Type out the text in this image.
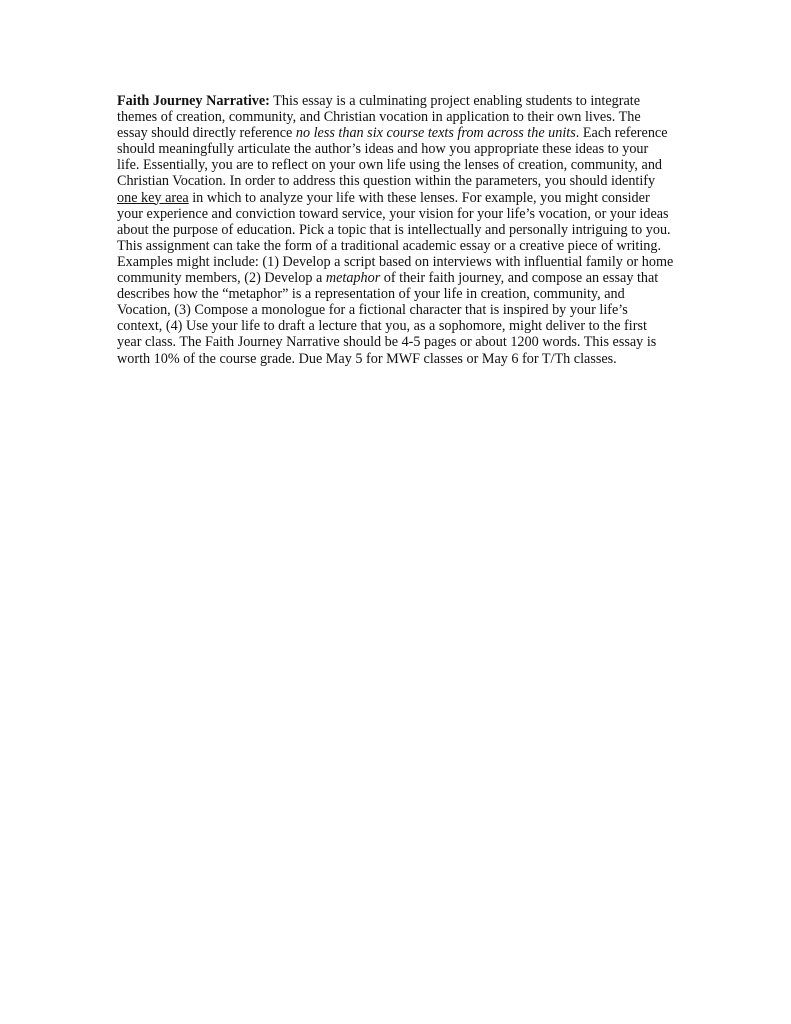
Faith Journey Narrative: This essay is a culminating project enabling students to integrate
themes of creation, community, and Christian vocation in application to their own lives. The
essay should directly reference no less than six course texts from across the units. Each reference
should meaningfully articulate the author’s ideas and how you appropriate these ideas to your
life. Essentially, you are to reflect on your own life using the lenses of creation, community, and
Christian Vocation. In order to address this question within the parameters, you should identify
one key area in which to analyze your life with these lenses. For example, you might consider
your experience and conviction toward service, your vision for your life’s vocation, or your ideas
about the purpose of education. Pick a topic that is intellectually and personally intriguing to you.
This assignment can take the form of a traditional academic essay or a creative piece of writing.
Examples might include: (1) Develop a script based on interviews with influential family or home
community members, (2) Develop a metaphor of their faith journey, and compose an essay that
describes how the “metaphor” is a representation of your life in creation, community, and
Vocation, (3) Compose a monologue for a fictional character that is inspired by your life’s
context, (4) Use your life to draft a lecture that you, as a sophomore, might deliver to the first
year class. The Faith Journey Narrative should be 4-5 pages or about 1200 words. This essay is
worth 10% of the course grade. Due May 5 for MWF classes or May 6 for T/Th classes.
